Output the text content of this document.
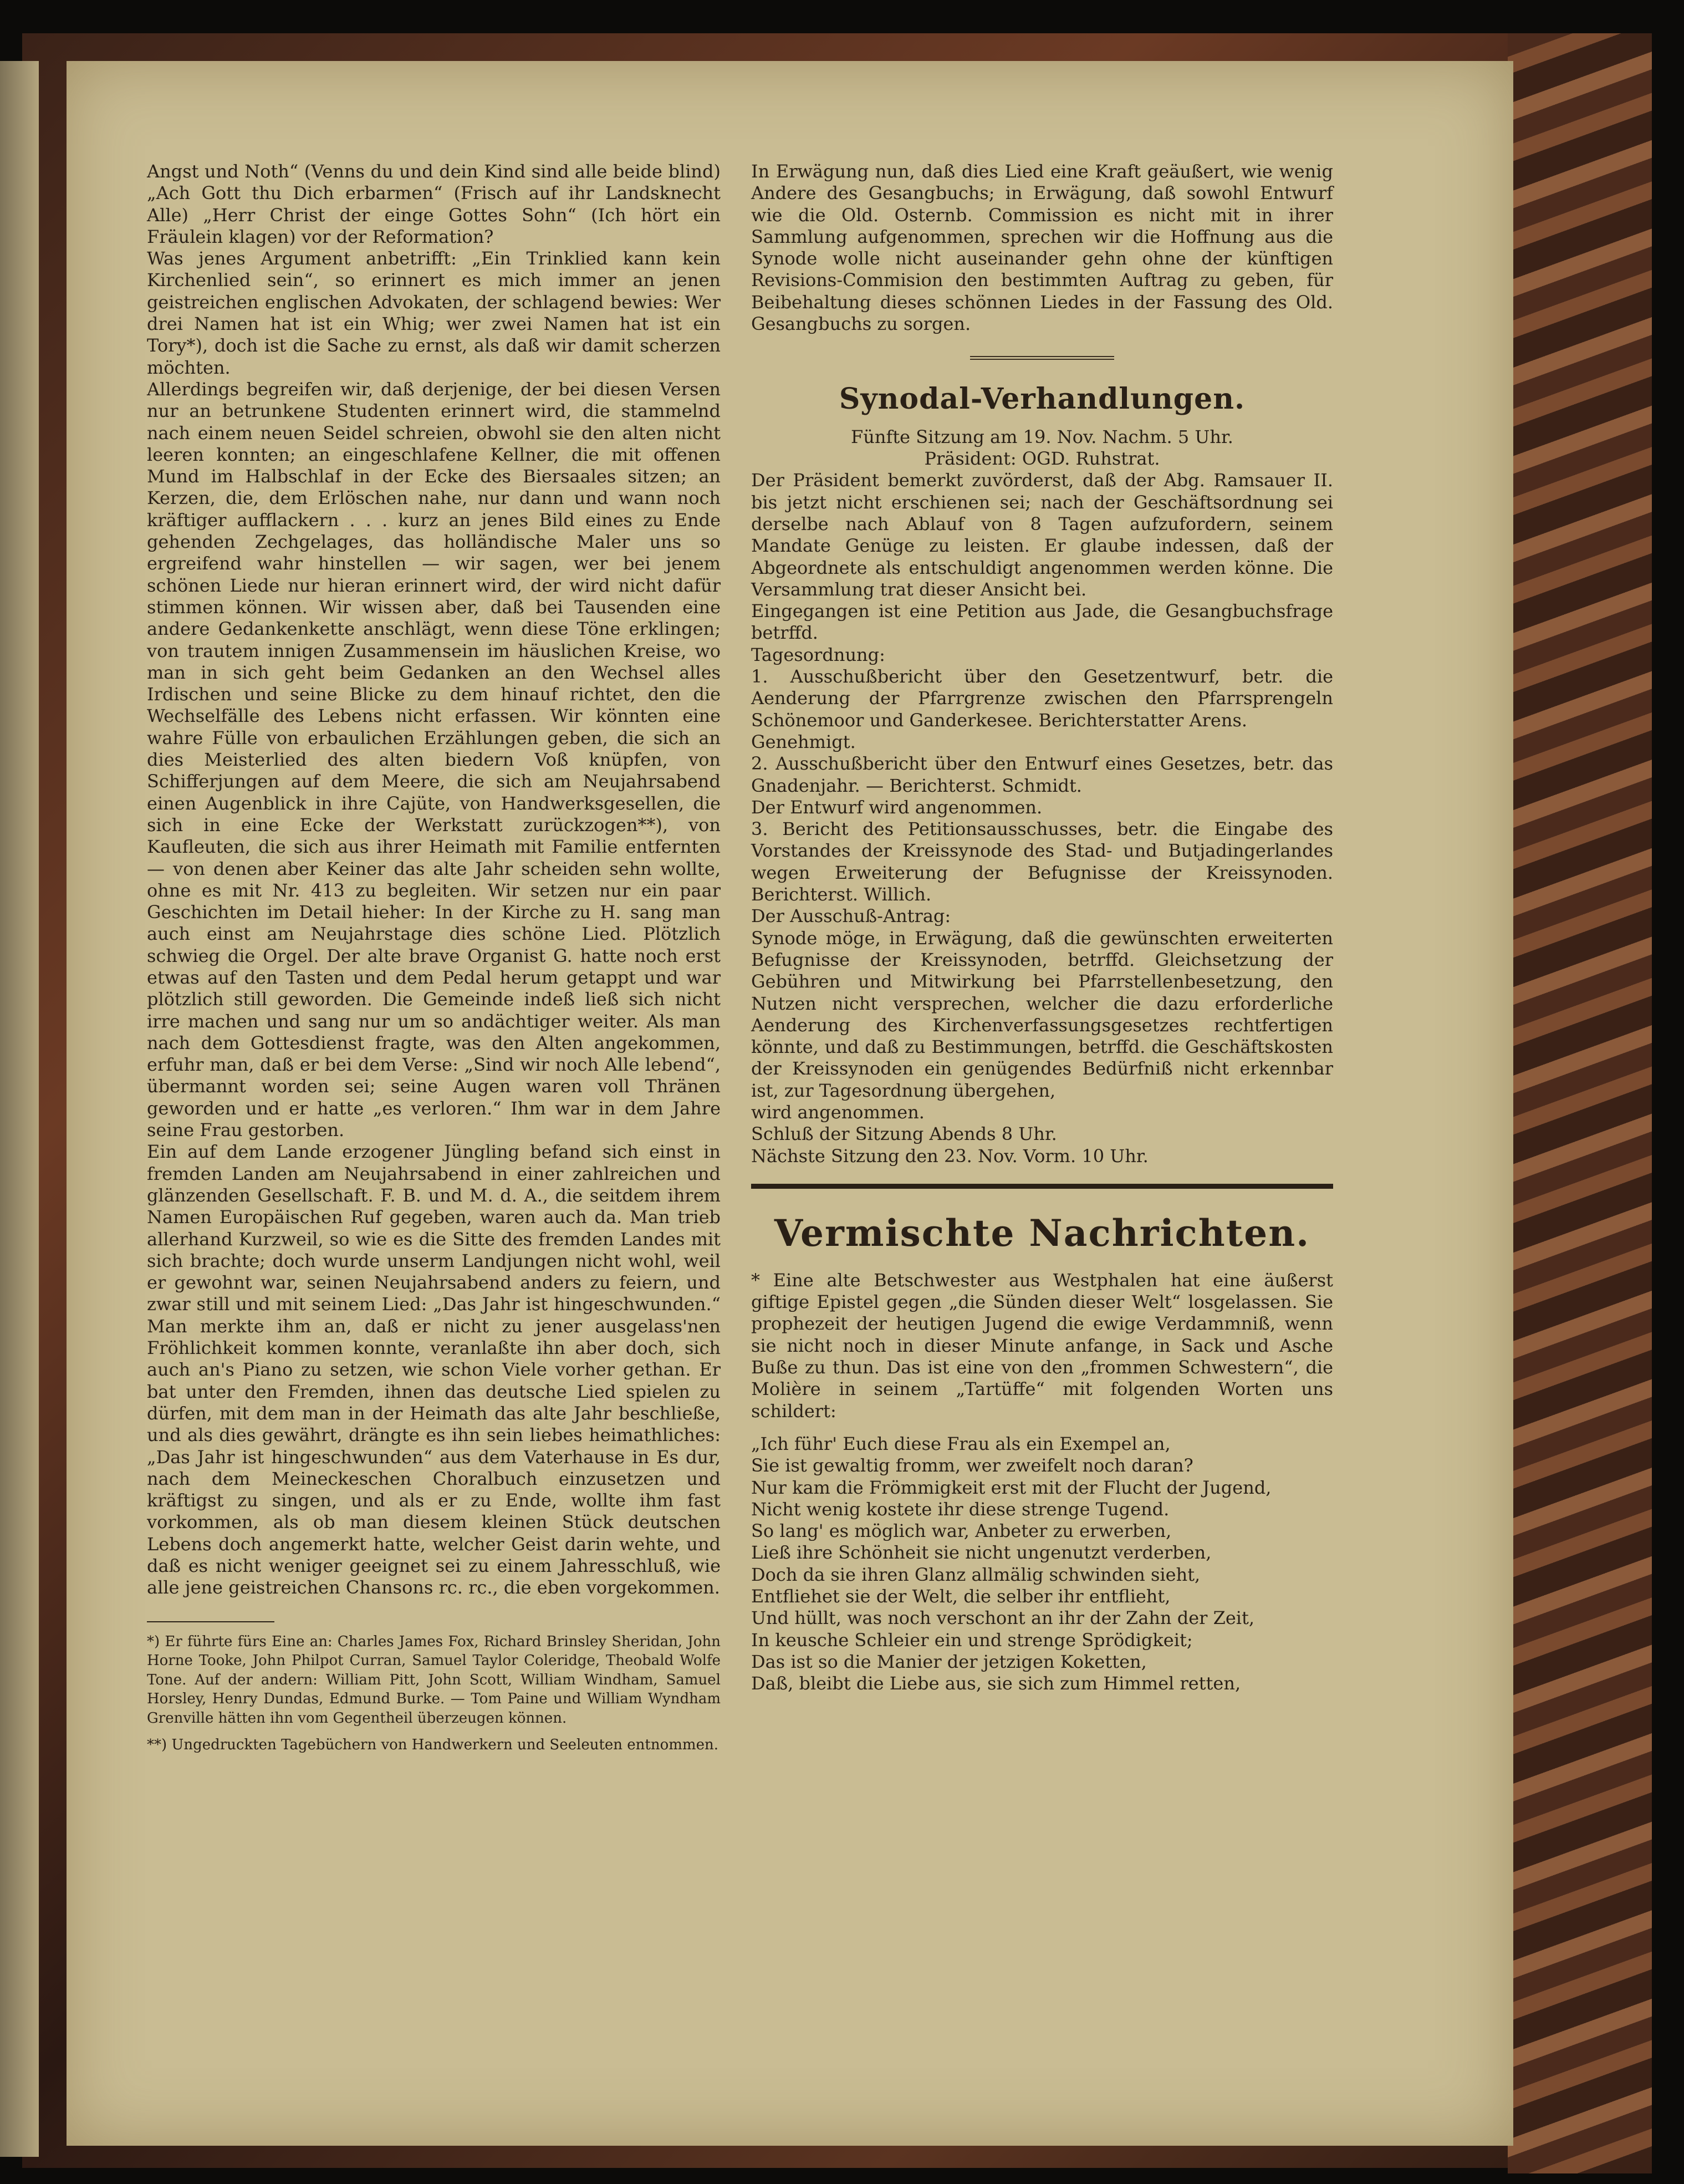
Angst und Noth“ (Venns du und dein Kind sind alle beide blind) „Ach Gott thu Dich erbarmen“ (Frisch auf ihr Landsknecht Alle) „Herr Christ der einge Gottes Sohn“ (Ich hört ein Fräulein klagen) vor der Reformation?
Was jenes Argument anbetrifft: „Ein Trinklied kann kein Kirchenlied sein“, so erinnert es mich immer an jenen geistreichen englischen Advokaten, der schlagend bewies: Wer drei Namen hat ist ein Whig; wer zwei Namen hat ist ein Tory*), doch ist die Sache zu ernst, als daß wir damit scherzen möchten.
Allerdings begreifen wir, daß derjenige, der bei diesen Versen nur an betrunkene Studenten erinnert wird, die stammelnd nach einem neuen Seidel schreien, obwohl sie den alten nicht leeren konnten; an eingeschlafene Kellner, die mit offenen Mund im Halbschlaf in der Ecke des Biersaales sitzen; an Kerzen, die, dem Erlöschen nahe, nur dann und wann noch kräftiger aufflackern . . . kurz an jenes Bild eines zu Ende gehenden Zechgelages, das holländische Maler uns so ergreifend wahr hinstellen — wir sagen, wer bei jenem schönen Liede nur hieran erinnert wird, der wird nicht dafür stimmen können. Wir wissen aber, daß bei Tausenden eine andere Gedankenkette anschlägt, wenn diese Töne erklingen; von trautem innigen Zusammensein im häuslichen Kreise, wo man in sich geht beim Gedanken an den Wechsel alles Irdischen und seine Blicke zu dem hinauf richtet, den die Wechselfälle des Lebens nicht erfassen. Wir könnten eine wahre Fülle von erbaulichen Erzählungen geben, die sich an dies Meisterlied des alten biedern Voß knüpfen, von Schifferjungen auf dem Meere, die sich am Neujahrsabend einen Augenblick in ihre Cajüte, von Handwerksgesellen, die sich in eine Ecke der Werkstatt zurückzogen**), von Kaufleuten, die sich aus ihrer Heimath mit Familie entfernten — von denen aber Keiner das alte Jahr scheiden sehn wollte, ohne es mit Nr. 413 zu begleiten. Wir setzen nur ein paar Geschichten im Detail hieher: In der Kirche zu H. sang man auch einst am Neujahrstage dies schöne Lied. Plötzlich schwieg die Orgel. Der alte brave Organist G. hatte noch erst etwas auf den Tasten und dem Pedal herum getappt und war plötzlich still geworden. Die Gemeinde indeß ließ sich nicht irre machen und sang nur um so andächtiger weiter. Als man nach dem Gottesdienst fragte, was den Alten angekommen, erfuhr man, daß er bei dem Verse: „Sind wir noch Alle lebend“, übermannt worden sei; seine Augen waren voll Thränen geworden und er hatte „es verloren.“ Ihm war in dem Jahre seine Frau gestorben.
Ein auf dem Lande erzogener Jüngling befand sich einst in fremden Landen am Neujahrsabend in einer zahlreichen und glänzenden Gesellschaft. F. B. und M. d. A., die seitdem ihrem Namen Europäischen Ruf gegeben, waren auch da. Man trieb allerhand Kurzweil, so wie es die Sitte des fremden Landes mit sich brachte; doch wurde unserm Landjungen nicht wohl, weil er gewohnt war, seinen Neujahrsabend anders zu feiern, und zwar still und mit seinem Lied: „Das Jahr ist hingeschwunden.“ Man merkte ihm an, daß er nicht zu jener ausgelass'nen Fröhlichkeit kommen konnte, veranlaßte ihn aber doch, sich auch an's Piano zu setzen, wie schon Viele vorher gethan. Er bat unter den Fremden, ihnen das deutsche Lied spielen zu dürfen, mit dem man in der Heimath das alte Jahr beschließe, und als dies gewährt, drängte es ihn sein liebes heimathliches: „Das Jahr ist hingeschwunden“ aus dem Vaterhause in Es dur, nach dem Meineckeschen Choralbuch einzusetzen und kräftigst zu singen, und als er zu Ende, wollte ihm fast vorkommen, als ob man diesem kleinen Stück deutschen Lebens doch angemerkt hatte, welcher Geist darin wehte, und daß es nicht weniger geeignet sei zu einem Jahresschluß, wie alle jene geistreichen Chansons rc. rc., die eben vorgekommen.

*) Er führte fürs Eine an: Charles James Fox, Richard Brinsley Sheridan, John Horne Tooke, John Philpot Curran, Samuel Taylor Coleridge, Theobald Wolfe Tone. Auf der andern: William Pitt, John Scott, William Windham, Samuel Horsley, Henry Dundas, Edmund Burke. — Tom Paine und William Wyndham Grenville hätten ihn vom Gegentheil überzeugen können.

**) Ungedruckten Tagebüchern von Handwerkern und Seeleuten entnommen.

In Erwägung nun, daß dies Lied eine Kraft geäußert, wie wenig Andere des Gesangbuchs; in Erwägung, daß sowohl Entwurf wie die Old. Osternb. Commission es nicht mit in ihrer Sammlung aufgenommen, sprechen wir die Hoffnung aus die Synode wolle nicht auseinander gehn ohne der künftigen Revisions-Commision den bestimmten Auftrag zu geben, für Beibehaltung dieses schönnen Liedes in der Fassung des Old. Gesangbuchs zu sorgen.

Synodal-Verhandlungen.
Fünfte Sitzung am 19. Nov. Nachm. 5 Uhr.
Präsident: OGD. Ruhstrat.

Der Präsident bemerkt zuvörderst, daß der Abg. Ramsauer II. bis jetzt nicht erschienen sei; nach der Geschäftsordnung sei derselbe nach Ablauf von 8 Tagen aufzufordern, seinem Mandate Genüge zu leisten. Er glaube indessen, daß der Abgeordnete als entschuldigt angenommen werden könne. Die Versammlung trat dieser Ansicht bei.
Eingegangen ist eine Petition aus Jade, die Gesangbuchsfrage betrffd.
Tagesordnung:
1. Ausschußbericht über den Gesetzentwurf, betr. die Aenderung der Pfarrgrenze zwischen den Pfarrsprengeln Schönemoor und Ganderkesee. Berichterstatter Arens.
Genehmigt.
2. Ausschußbericht über den Entwurf eines Gesetzes, betr. das Gnadenjahr. — Berichterst. Schmidt.
Der Entwurf wird angenommen.
3. Bericht des Petitionsausschusses, betr. die Eingabe des Vorstandes der Kreissynode des Stad- und Butjadingerlandes wegen Erweiterung der Befugnisse der Kreissynoden. Berichterst. Willich.
Der Ausschuß-Antrag:
Synode möge, in Erwägung, daß die gewünschten erweiterten Befugnisse der Kreissynoden, betrffd. Gleichsetzung der Gebühren und Mitwirkung bei Pfarrstellenbesetzung, den Nutzen nicht versprechen, welcher die dazu erforderliche Aenderung des Kirchenverfassungsgesetzes rechtfertigen könnte, und daß zu Bestimmungen, betrffd. die Geschäftskosten der Kreissynoden ein genügendes Bedürfniß nicht erkennbar ist, zur Tagesordnung übergehen,
wird angenommen.
Schluß der Sitzung Abends 8 Uhr.
Nächste Sitzung den 23. Nov. Vorm. 10 Uhr.

Vermischte Nachrichten.

* Eine alte Betschwester aus Westphalen hat eine äußerst giftige Epistel gegen „die Sünden dieser Welt“ losgelassen. Sie prophezeit der heutigen Jugend die ewige Verdammniß, wenn sie nicht noch in dieser Minute anfange, in Sack und Asche Buße zu thun. Das ist eine von den „frommen Schwestern“, die Molière in seinem „Tartüffe“ mit folgenden Worten uns schildert:

„Ich führ' Euch diese Frau als ein Exempel an,
Sie ist gewaltig fromm, wer zweifelt noch daran?
Nur kam die Frömmigkeit erst mit der Flucht der Jugend,
Nicht wenig kostete ihr diese strenge Tugend.
So lang' es möglich war, Anbeter zu erwerben,
Ließ ihre Schönheit sie nicht ungenutzt verderben,
Doch da sie ihren Glanz allmälig schwinden sieht,
Entfliehet sie der Welt, die selber ihr entflieht,
Und hüllt, was noch verschont an ihr der Zahn der Zeit,
In keusche Schleier ein und strenge Sprödigkeit;
Das ist so die Manier der jetzigen Koketten,
Daß, bleibt die Liebe aus, sie sich zum Himmel retten,
